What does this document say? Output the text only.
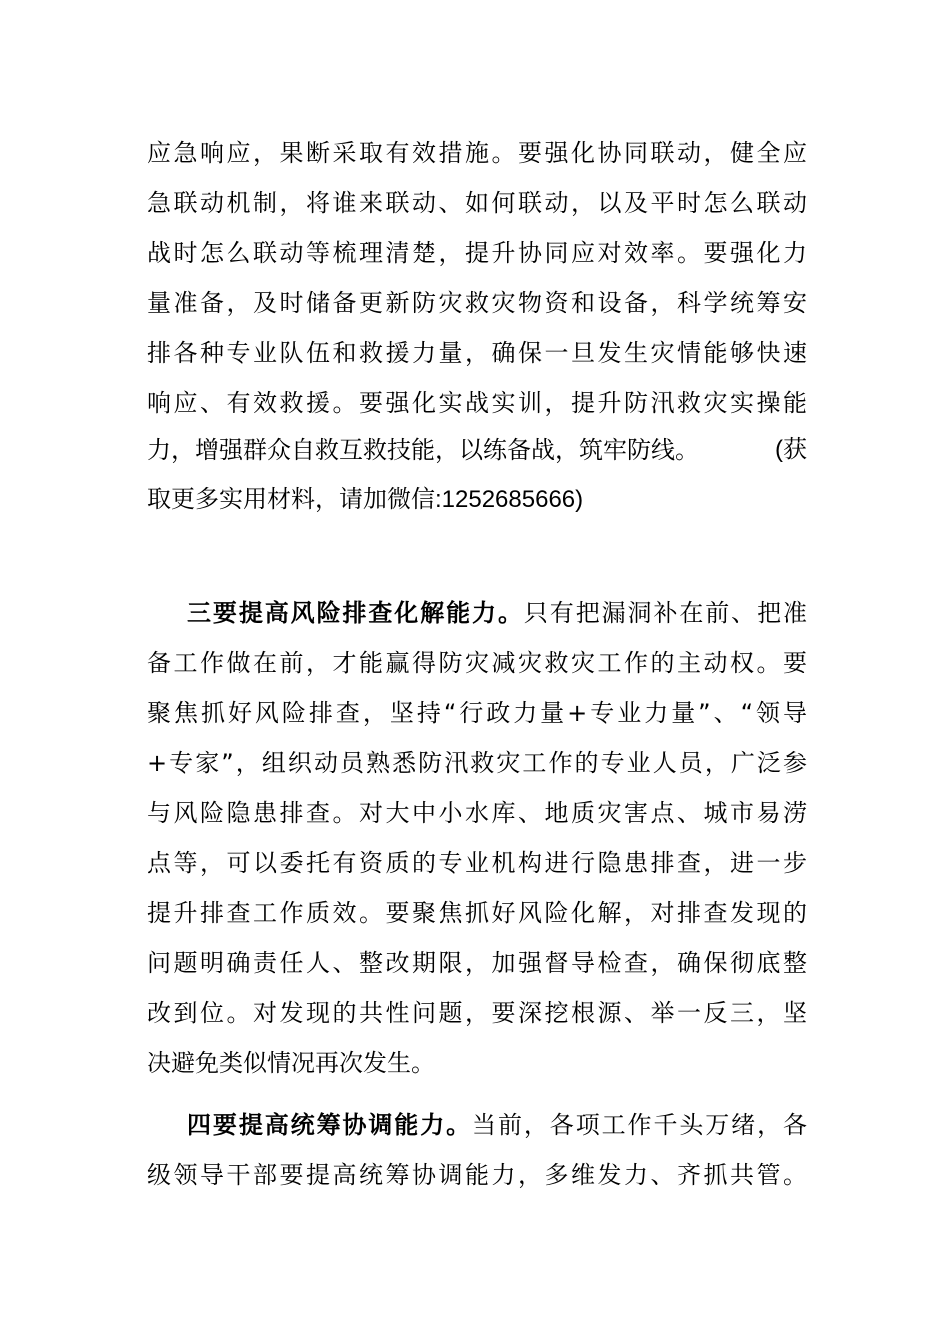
应急响应，果断采取有效措施。要强化协同联动，健全应
急联动机制，将谁来联动、如何联动，以及平时怎么联动
战时怎么联动等梳理清楚，提升协同应对效率。要强化力
量准备，及时储备更新防灾救灾物资和设备，科学统筹安
排各种专业队伍和救援力量，确保一旦发生灾情能够快速
响应、有效救援。要强化实战实训，提升防汛救灾实操能
力，增强群众自救互救技能，以练备战，筑牢防线。	(获
取更多实用材料，请加微信:1252685666)
三要提高风险排查化解能力。只有把漏洞补在前、把准
备工作做在前，才能赢得防灾减灾救灾工作的主动权。要
聚焦抓好风险排查，坚持“行政力量+专业力量”、“领导
+专家”，组织动员熟悉防汛救灾工作的专业人员，广泛参
与风险隐患排查。对大中小水库、地质灾害点、城市易涝
点等，可以委托有资质的专业机构进行隐患排查，进一步
提升排查工作质效。要聚焦抓好风险化解，对排查发现的
问题明确责任人、整改期限，加强督导检查，确保彻底整
改到位。对发现的共性问题，要深挖根源、举一反三，坚
决避免类似情况再次发生。
四要提高统筹协调能力。当前，各项工作千头万绪，各
级领导干部要提高统筹协调能力，多维发力、齐抓共管。
